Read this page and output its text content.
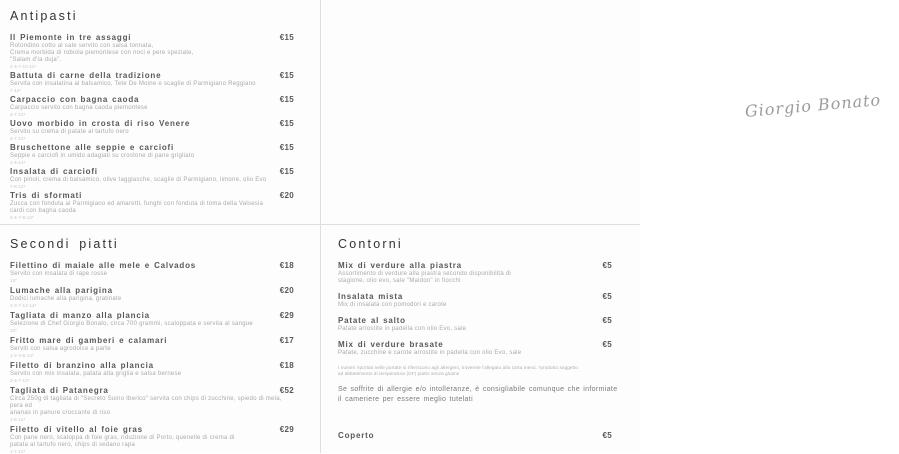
Antipasti
Il Piemonte in tre assaggi	€15
Rotondino cotto al sale servito con salsa tonnata,
Crema morbida di robiola piemontese con noci e pere speziate,
"Salam d'la duja".
2-4-7-10-12*
Battuta di carne della tradizione	€15
Servita con insalatina al balsamico, Tete De Moine e scaglie di Parmigiano Reggiano
7-12*
Carpaccio con bagna caoda	€15
Carpaccio servito con bagna caoda piemontese
4-7-12*
Uovo morbido in crosta di riso Venere	€15
Servito su crema di patate al tartufo nero
3-7-12*
Bruschettone alle seppie e carciofi	€15
Seppie e carciofi in umido adagiati su crostone di pane grigliato
1-4-14*
Insalata di carciofi	€15
Con pinoli, crema di balsamico, olive taggiasche, scaglie di Parmigiano, limone, olio Evo
7-8-12*
Tris di sformati	€20
Zucca con fonduta al Parmigiano ed amaretti, funghi con fonduta di toma della Valsesia
cardi con bagna caoda
3-4-7-8-12*
Giorgio Bonato
Secondi piatti
Filettino di maiale alle mele e Calvados	€18
Servito con insalata di rape rosse
12*
Lumache alla parigina	€20
Dodici lumache alla parigina, gratinate
1-3-7-12-14*
Tagliata di manzo alla plancia	€29
Selezione di Chef Giorgio Bonato, circa 700 grammi, scaloppata e servita al sangue
12*
Fritto mare di gamberi e calamari	€17
Serviti con salsa agrodolce a parte
1-2-4-6-14*
Filetto di branzino alla plancia	€18
Servito con mix insalata, patata alla griglia e salsa bernese
3-4-7-12*
Tagliata di Patanegra	€52
Circa 250g di tagliata di "Secreto Suino Iberico" servita con chips di zucchine, spiedo di mela, pera ed
ananas in panure croccante di riso
1-6-12*
Filetto di vitello al foie gras	€29
Con pane nero, scaloppa di foie gras, riduzione di Porto, quenelle di crema di
patata al tartufo nero, chips di sedano rapa
1-7-12*
Contorni
Mix di verdure alla piastra	€5
Assortimento di verdure alla piastra secondo disponibilità di
stagione, olio evo, sale "Maldon" in fiocchi
Insalata mista	€5
Mix di insalata con pomodori e carote
Patate al salto	€5
Patate arrostite in padella con olio Evo, sale
Mix di verdure brasate	€5
Patate, zucchine e carote arrostite in padella con olio Evo, sale
I numeri riportati nelle portate si riferiscono agli allergeni, troverete l'allegato alla carta menù. *prodotto soggetto
ad abbattimento di temperatura (GF) piatto senza glutine
Se soffrite di allergie e/o intolleranze, è consigliabile comunque che informiate
il cameriere per essere meglio tutelati
Coperto	€5
